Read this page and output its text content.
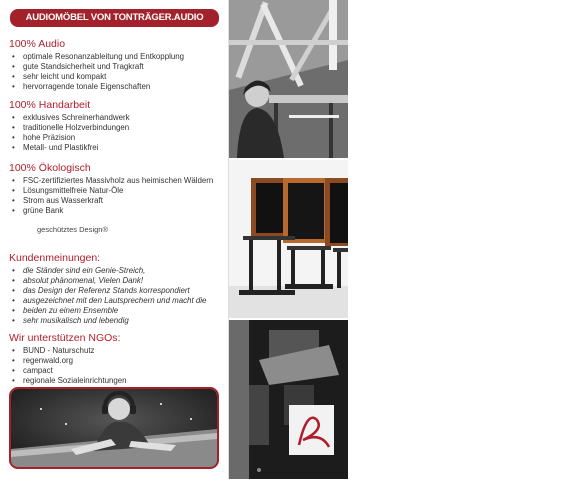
AUDIOMÖBEL VON TONTRÄGER.AUDIO
100% Audio
• optimale Resonanzableitung und Entkopplung
• gute Standsicherheit und Tragkraft
• sehr leicht und kompakt
• hervorragende tonale Eigenschaften
100% Handarbeit
• exklusives Schreinerhandwerk
• traditionelle Holzverbindungen
• hohe Präzision
• Metall- und Plastikfrei
100% Ökologisch
• FSC-zertifiziertes Massivholz aus heimischen Wäldern
• Lösungsmittelfreie Natur-Öle
• Strom aus Wasserkraft
• grüne Bank
geschütztes Design®
Kundenmeinungen:
• die Ständer sind ein Genie-Streich,
• absolut phänomenal, Vielen Dank!
• das Design der Referenz Stands korrespondiert
• ausgezeichnet mit den Lautsprechern und macht die
• beiden zu einem Ensemble
• sehr musikalisch und lebendig
Wir unterstützen NGOs:
• BUND - Naturschutz
• regenwald.org
• campact
• regionale Sozialeinrichtungen
